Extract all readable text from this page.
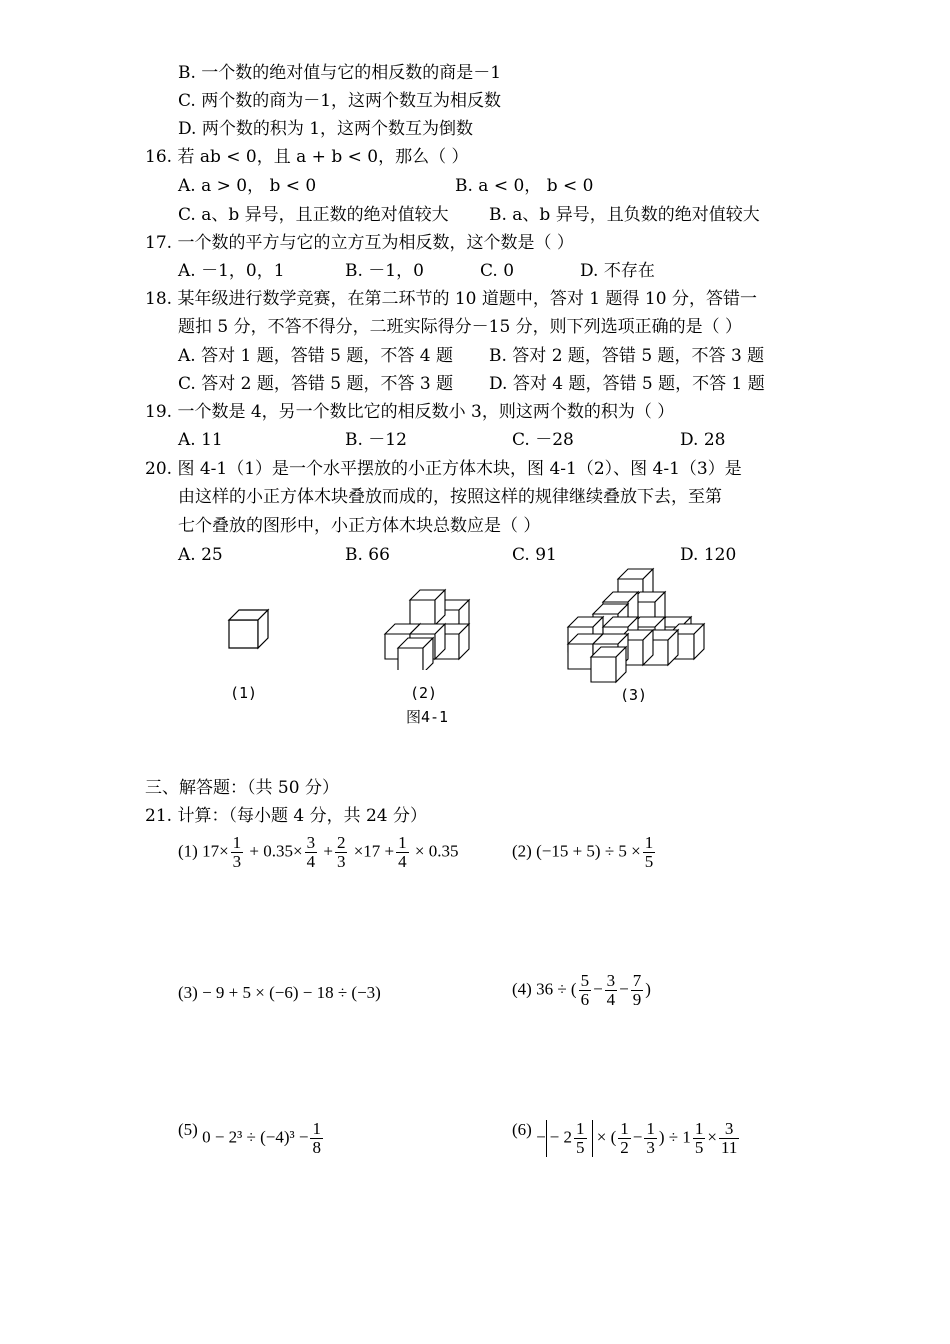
B. 一个数的绝对值与它的相反数的商是－1
C. 两个数的商为－1，这两个数互为相反数
D. 两个数的积为 1，这两个数互为倒数
16. 若 ab < 0，且 a + b < 0，那么（ ）
A. a > 0， b < 0	B. a < 0， b < 0
C. a、b 异号，且正数的绝对值较大 B. a、b 异号，且负数的绝对值较大
17. 一个数的平方与它的立方互为相反数，这个数是（ ）
A. －1，0，1	B. －1，0	C. 0	D. 不存在
18. 某年级进行数学竞赛，在第二环节的 10 道题中，答对 1 题得 10 分，答错一
题扣 5 分，不答不得分，二班实际得分－15 分，则下列选项正确的是（ ）
A. 答对 1 题，答错 5 题，不答 4 题 B. 答对 2 题，答错 5 题，不答 3 题
C. 答对 2 题，答错 5 题，不答 3 题 D. 答对 4 题，答错 5 题，不答 1 题
19. 一个数是 4，另一个数比它的相反数小 3，则这两个数的积为（ ）
A. 11	B. －12	C. －28	D. 28
20. 图 4-1（1）是一个水平摆放的小正方体木块，图 4-1（2）、图 4-1（3）是
由这样的小正方体木块叠放而成的，按照这样的规律继续叠放下去，至第
七个叠放的图形中，小正方体木块总数应是（ ）
A. 25	B. 66	C. 91	D. 120
(1)	(2)	(3)
图4-1
三、解答题：（共 50 分）
21. 计算：（每小题 4 分，共 24 分）
(1) $17\times \frac{1}{3} + 0.35\times \frac{3}{4} + \frac{2}{3} \times 17 + \frac{1}{4} \times 0.35$	(2) $(-15 + 5) \div 5 \times \frac{1}{5}$
(3) − 9 + 5 × (−6) − 18 ÷ (−3)	(4) 36 ÷ ( $\frac{5}{6} - \frac{3}{4} - \frac{7}{9}$ )
(5) $0 - 2^3 \div (-4)^3 - \frac{1}{8}$	(6) − − $2 \frac{1}{5}$ × ( $\frac{1}{2} - \frac{1}{3}$ ) ÷ $1 \frac{1}{5} \times \frac{3}{11}$
